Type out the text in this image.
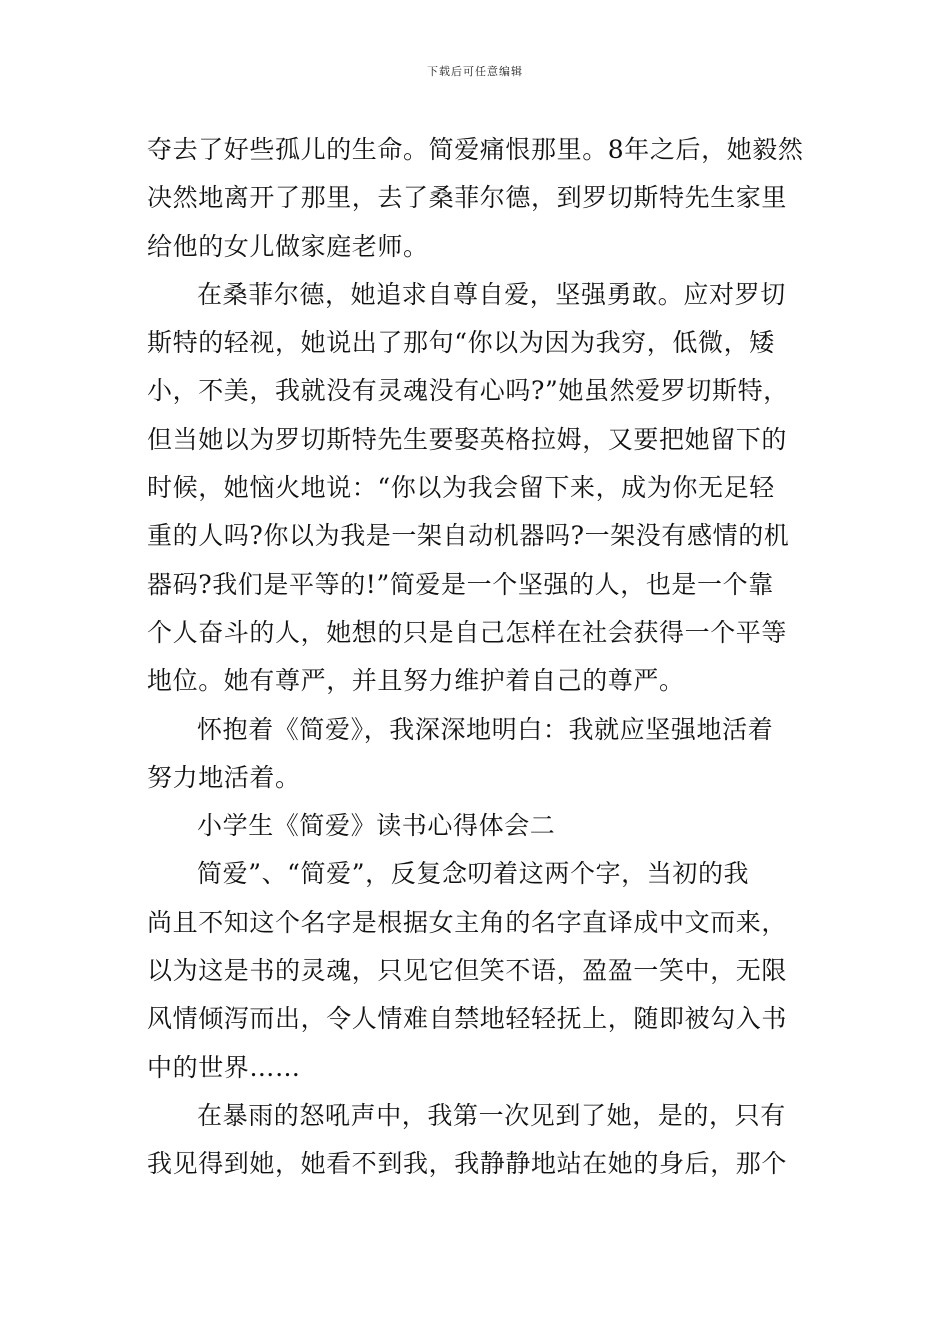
下载后可任意编辑
夺去了好些孤儿的生命。简爱痛恨那里。8年之后，她毅然
决然地离开了那里，去了桑菲尔德，到罗切斯特先生家里
给他的女儿做家庭老师。
在桑菲尔德，她追求自尊自爱，坚强勇敢。应对罗切
斯特的轻视，她说出了那句“你以为因为我穷，低微，矮
小，不美，我就没有灵魂没有心吗?”她虽然爱罗切斯特，
但当她以为罗切斯特先生要娶英格拉姆，又要把她留下的
时候，她恼火地说：“你以为我会留下来，成为你无足轻
重的人吗?你以为我是一架自动机器吗?一架没有感情的机
器码?我们是平等的!”简爱是一个坚强的人，也是一个靠
个人奋斗的人，她想的只是自己怎样在社会获得一个平等
地位。她有尊严，并且努力维护着自己的尊严。
怀抱着《简爱》，我深深地明白：我就应坚强地活着
努力地活着。
小学生《简爱》读书心得体会二
简爱”、“简爱”，反复念叨着这两个字，当初的我
尚且不知这个名字是根据女主角的名字直译成中文而来，
以为这是书的灵魂，只见它但笑不语，盈盈一笑中，无限
风情倾泻而出，令人情难自禁地轻轻抚上，随即被勾入书
中的世界……
在暴雨的怒吼声中，我第一次见到了她，是的，只有
我见得到她，她看不到我，我静静地站在她的身后，那个
